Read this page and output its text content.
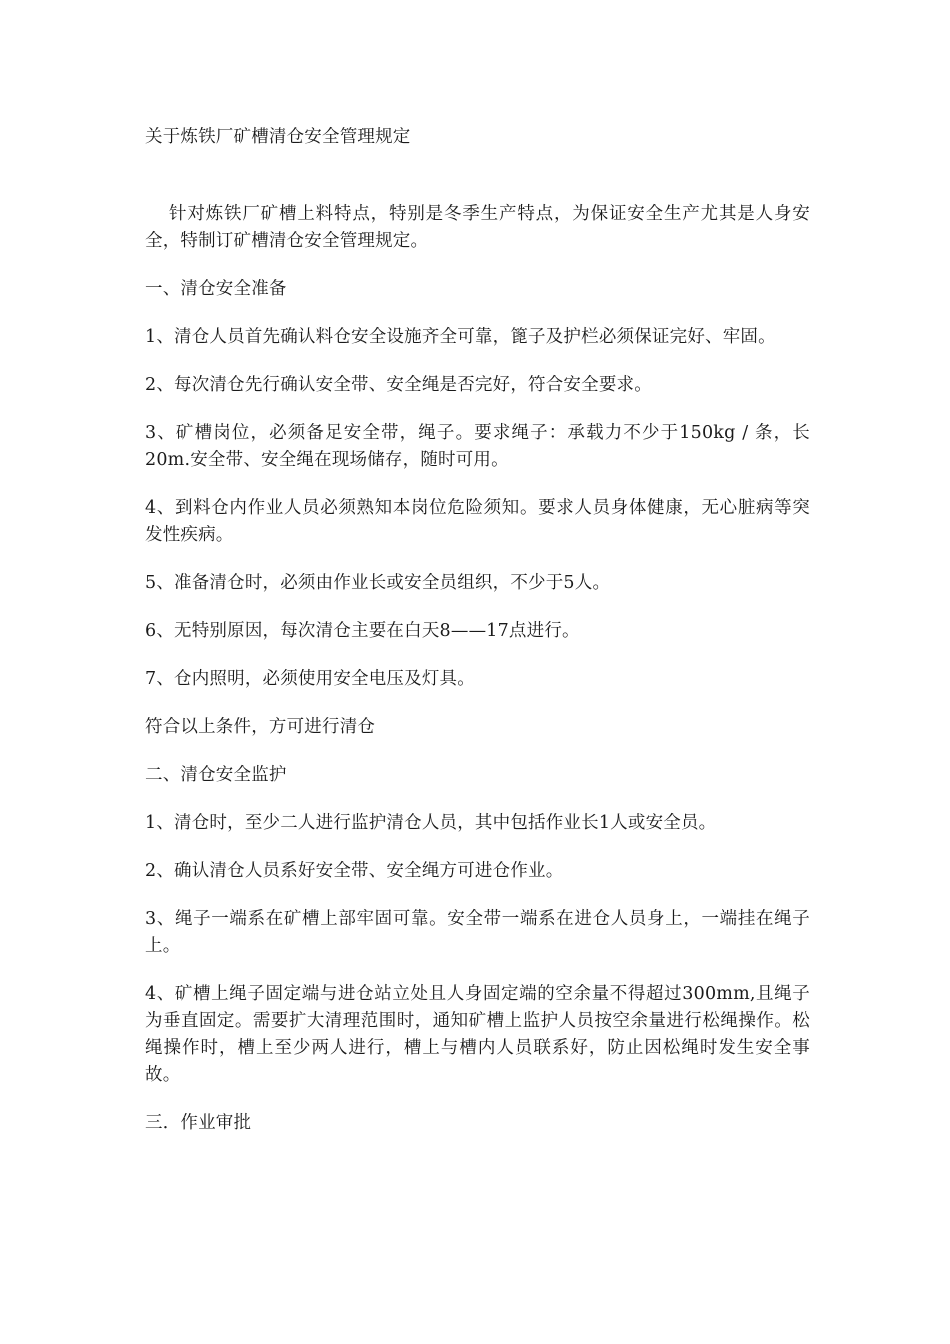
关于炼铁厂矿槽清仓安全管理规定

针对炼铁厂矿槽上料特点，特别是冬季生产特点，为保证安全生产尤其是人身安全，特制订矿槽清仓安全管理规定。

一、清仓安全准备

1、清仓人员首先确认料仓安全设施齐全可靠，篦子及护栏必须保证完好、牢固。

2、每次清仓先行确认安全带、安全绳是否完好，符合安全要求。

3、矿槽岗位，必须备足安全带，绳子。要求绳子：承载力不少于150kg / 条，长20m.安全带、安全绳在现场储存，随时可用。

4、到料仓内作业人员必须熟知本岗位危险须知。要求人员身体健康，无心脏病等突发性疾病。

5、准备清仓时，必须由作业长或安全员组织，不少于5人。

6、无特别原因，每次清仓主要在白天8——17点进行。

7、仓内照明，必须使用安全电压及灯具。

符合以上条件，方可进行清仓

二、清仓安全监护

1、清仓时，至少二人进行监护清仓人员，其中包括作业长1人或安全员。

2、确认清仓人员系好安全带、安全绳方可进仓作业。

3、绳子一端系在矿槽上部牢固可靠。安全带一端系在进仓人员身上，一端挂在绳子上。

4、矿槽上绳子固定端与进仓站立处且人身固定端的空余量不得超过300mm,且绳子为垂直固定。需要扩大清理范围时，通知矿槽上监护人员按空余量进行松绳操作。松绳操作时，槽上至少两人进行，槽上与槽内人员联系好，防止因松绳时发生安全事故。

三．作业审批
